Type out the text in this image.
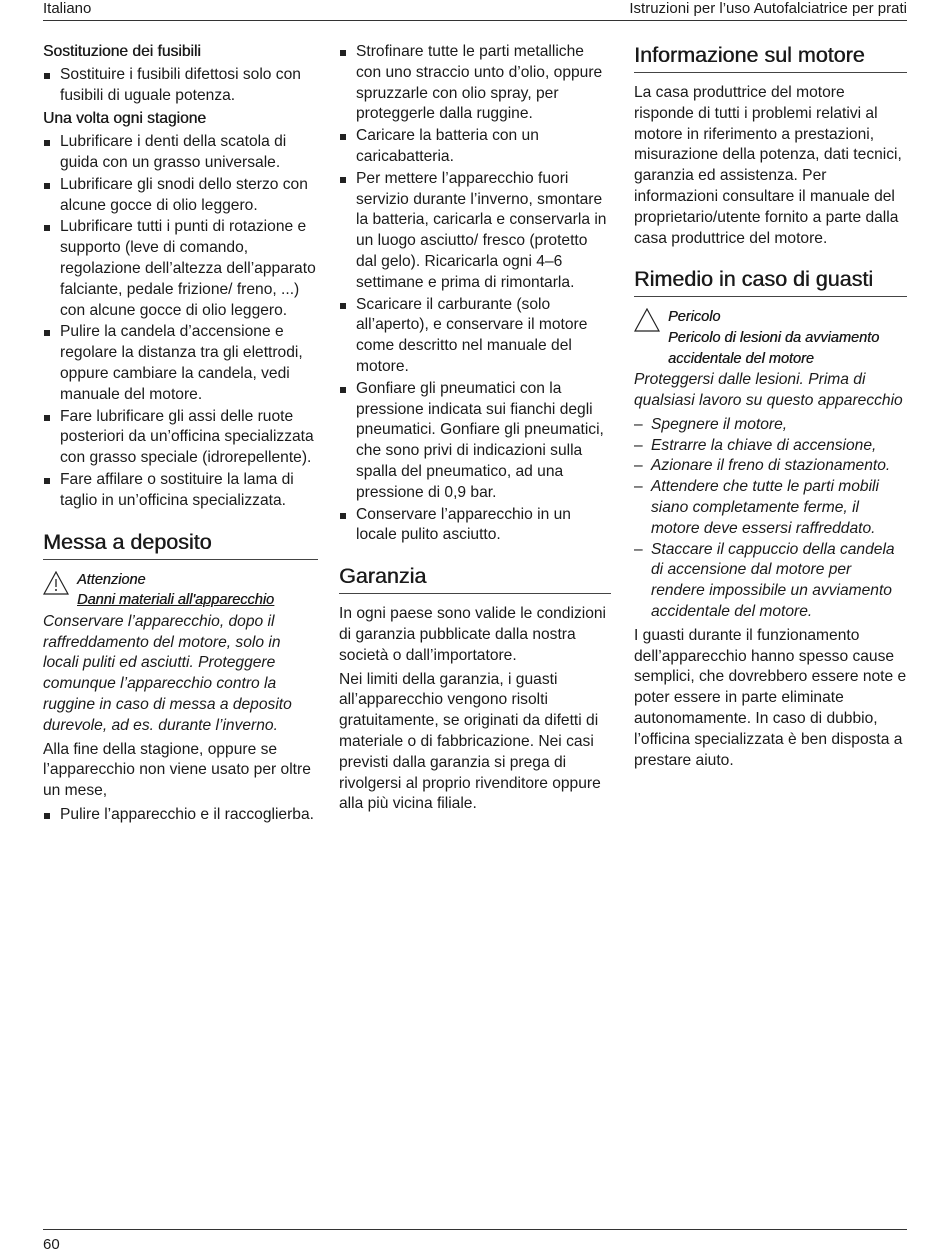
Italiano	Istruzioni per l’uso Autofalciatrice per prati
Sostituzione dei fusibili
Sostituire i fusibili difettosi solo con fusibili di uguale potenza.
Una volta ogni stagione
Lubrificare i denti della scatola di guida con un grasso universale.
Lubrificare gli snodi dello sterzo con alcune gocce di olio leggero.
Lubrificare tutti i punti di rotazione e supporto (leve di comando, regolazione dell’altezza dell’apparato falciante, pedale frizione/ freno, ...) con alcune gocce di olio leggero.
Pulire la candela d’accensione e regolare la distanza tra gli elettrodi, oppure cambiare la candela, vedi manuale del motore.
Fare lubrificare gli assi delle ruote posteriori da un’officina specializzata con grasso speciale (idrorepellente).
Fare affilare o sostituire la lama di taglio in un’officina specializzata.
Messa a deposito
Attenzione
Danni materiali all'apparecchio

Conservare l’apparecchio, dopo il raffreddamento del motore, solo in locali puliti ed asciutti. Proteggere comunque l’apparecchio contro la ruggine in caso di messa a deposito durevole, ad es. durante l’inverno.

Alla fine della stagione, oppure se l’apparecchio non viene usato per oltre un mese,

Pulire l’apparecchio e il raccoglierba.
Strofinare tutte le parti metalliche con uno straccio unto d’olio, oppure spruzzarle con olio spray, per proteggerle dalla ruggine.
Caricare la batteria con un caricabatteria.
Per mettere l’apparecchio fuori servizio durante l’inverno, smontare la batteria, caricarla e conservarla in un luogo asciutto/ fresco (protetto dal gelo). Ricaricarla ogni 4–6 settimane e prima di rimontarla.
Scaricare il carburante (solo all’aperto), e conservare il motore come descritto nel manuale del motore.
Gonfiare gli pneumatici con la pressione indicata sui fianchi degli pneumatici. Gonfiare gli pneumatici, che sono privi di indicazioni sulla spalla del pneumatico, ad una pressione di 0,9 bar.
Conservare l’apparecchio in un locale pulito asciutto.
Garanzia

In ogni paese sono valide le condizioni di garanzia pubblicate dalla nostra società o dall’importatore.

Nei limiti della garanzia, i guasti all’apparecchio vengono risolti gratuitamente, se originati da difetti di materiale o di fabbricazione. Nei casi previsti dalla garanzia si prega di rivolgersi al proprio rivenditore oppure alla più vicina filiale.

Informazione sul motore

La casa produttrice del motore risponde di tutti i problemi relativi al motore in riferimento a prestazioni, misurazione della potenza, dati tecnici, garanzia ed assistenza. Per informazioni consultare il manuale del proprietario/utente fornito a parte dalla casa produttrice del motore.

Rimedio in caso di guasti
Pericolo
Pericolo di lesioni da avviamento accidentale del motore

Proteggersi dalle lesioni. Prima di qualsiasi lavoro su questo apparecchio

– Spegnere il motore,
– Estrarre la chiave di accensione,
– Azionare il freno di stazionamento.
– Attendere che tutte le parti mobili siano completamente ferme, il motore deve essersi raffreddato.
– Staccare il cappuccio della candela di accensione dal motore per rendere impossibile un avviamento accidentale del motore.

I guasti durante il funzionamento dell’apparecchio hanno spesso cause semplici, che dovrebbero essere note e poter essere in parte eliminate autonomamente. In caso di dubbio, l’officina specializzata è ben disposta a prestare aiuto.

60
